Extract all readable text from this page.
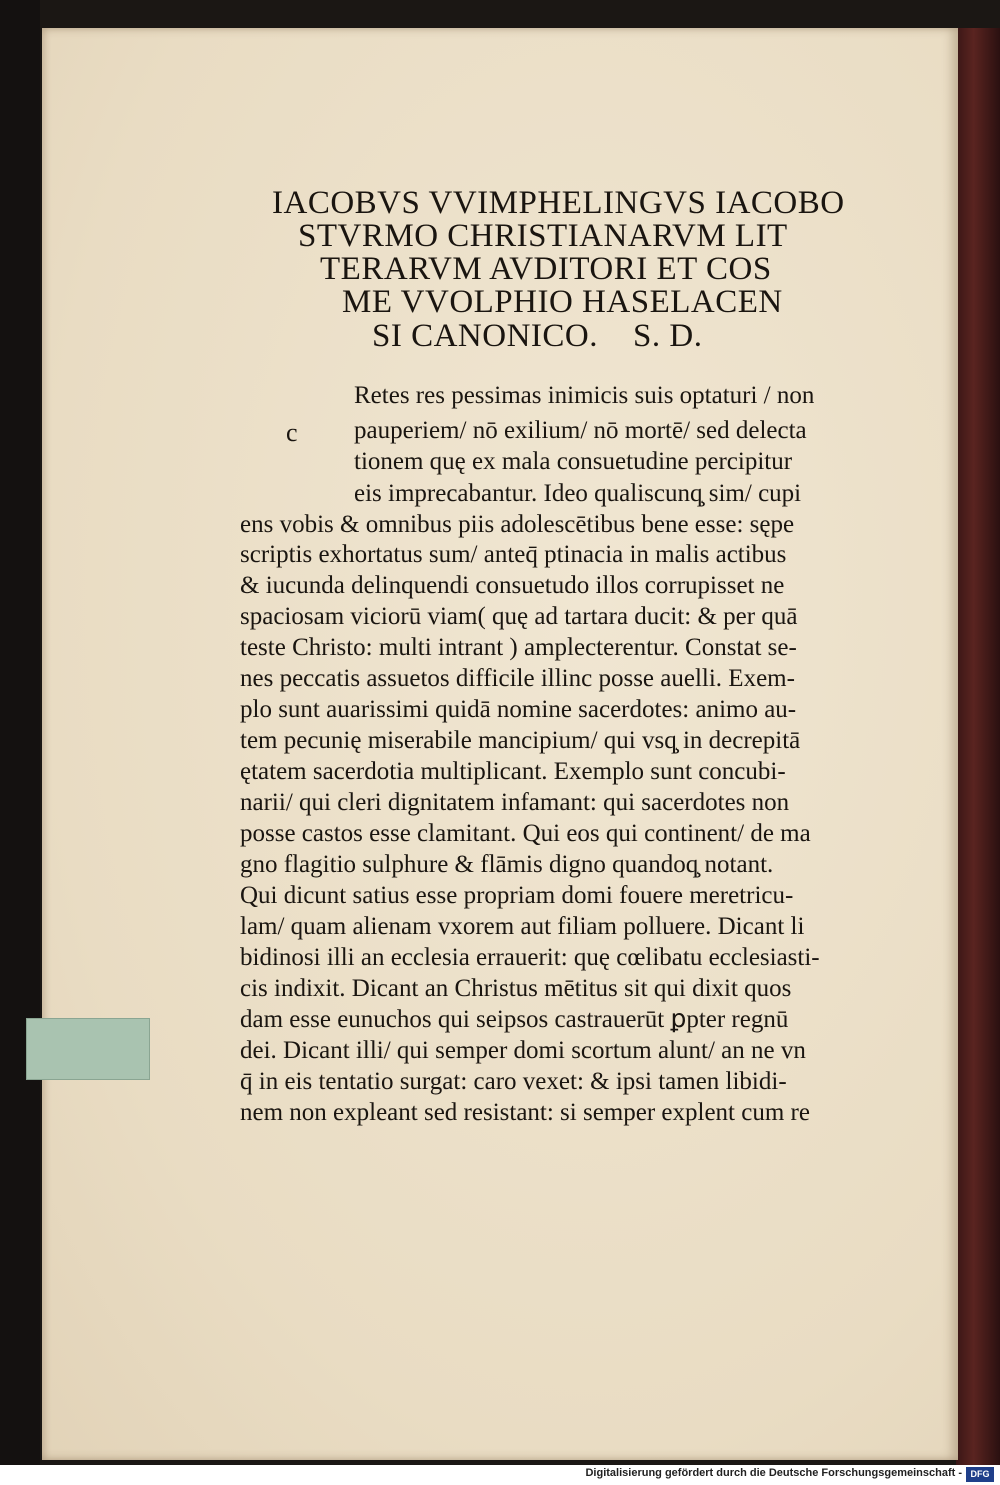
IACOBVS VVIMPHELINGVS IACOBO
STVRMO CHRISTIANARVM LIT
TERARVM AVDITORI ET COS
ME VVOLPHIO HASELACEN
SI CANONICO.    S. D.
c
Retes res pessimas inimicis suis optaturi / non
pauperiem/ nō exilium/ nō mortē/ sed delecta
tionem quę ex mala consuetudine percipitur
eis imprecabantur. Ideo qualiscunq̧ sim/ cupi
ens vobis & omnibus piis adolescētibus bene esse: sępe
scriptis exhortatus sum/ anteq̄ ptinacia in malis actibus
& iucunda delinquendi consuetudo illos corrupisset ne
spaciosam viciorū viam( quę ad tartara ducit: & per quā
teste Christo: multi intrant ) amplecterentur. Constat se-
nes peccatis assuetos difficile illinc posse auelli. Exem-
plo sunt auarissimi quidā nomine sacerdotes: animo au-
tem pecunię miserabile mancipium/ qui vsq̧ in decrepitā
ętatem sacerdotia multiplicant. Exemplo sunt concubi-
narii/ qui cleri dignitatem infamant: qui sacerdotes non
posse castos esse clamitant. Qui eos qui continent/ de ma
gno flagitio sulphure & flāmis digno quandoq̧ notant.
Qui dicunt satius esse propriam domi fouere meretricu-
lam/ quam alienam vxorem aut filiam polluere. Dicant li
bidinosi illi an ecclesia errauerit: quę cœlibatu ecclesiasti-
cis indixit. Dicant an Christus mētitus sit qui dixit quos
dam esse eunuchos qui seipsos castrauerūt ꝑpter regnū
dei. Dicant illi/ qui semper domi scortum alunt/ an ne vn
q̄ in eis tentatio surgat: caro vexet: & ipsi tamen libidi-
nem non expleant sed resistant: si semper explent cum re
Digitalisierung gefördert durch die Deutsche Forschungsgemeinschaft - DFG
